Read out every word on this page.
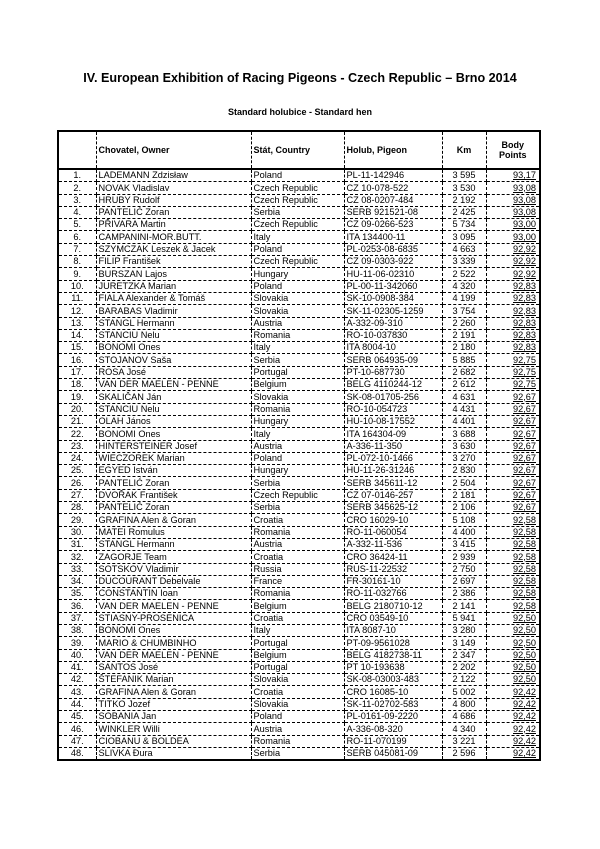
IV. European Exhibition of Racing Pigeons - Czech Republic – Brno 2014
Standard holubice - Standard hen
	Chovatel, Owner	Stát, Country	Holub, Pigeon	Km	Body
Points
1.	LADEMANN Zdzisław	Poland	PL-11-142946	3 595	93,17
2.	NOVAK Vladislav	Czech Republic	CZ 10-078-522	3 530	93,08
3.	HRUBY Rudolf	Czech Republic	CZ 08-0207-484	2 192	93,08
4.	PANTELIĆ Zoran	Serbia	SERB 921521-08	2 425	93,08
5.	PŘIVARA Martin	Czech Republic	CZ 09-0266-523	5 734	93,00
6.	CAMPANINI-MOR.BUTT.	Italy	ITA 134400-11	3 095	93,00
7.	SZYMCZAK Leszek & Jacek	Poland	PL-0253-08-6835	4 663	92,92
8.	FILIP František	Czech Republic	CZ 09-0303-922	3 339	92,92
9.	BURSZAN Lajos	Hungary	HU-11-06-02310	2 522	92,92
10.	JURETZKA Marian	Poland	PL-00-11-342060	4 320	92,83
11.	FIALA Alexander & Tomáš	Slovakia	SK-10-0908-384	4 199	92,83
12.	BARABAS Vladimir	Slovakia	SK-11-02305-1259	3 754	92,83
13.	STANGL Hermann	Austria	A-332-09-310	2 260	92,83
14.	STANCIU Nelu	Romania	RO-10-037830	2 191	92,83
15.	BONOMI Ones	Italy	ITA 8004-10	2 180	92,83
16.	STOJANOV Saša	Serbia	SERB 064935-09	5 885	92,75
17.	ROSA José	Portugal	PT-10-687730	2 682	92,75
18.	VAN DER MAELEN - PENNE	Belgium	BELG 4110244-12	2 612	92,75
19.	SKALIČAN Ján	Slovakia	SK-08-01705-256	4 631	92,67
20.	STANCIU Nelu	Romania	RO-10-054723	4 431	92,67
21.	OLAH János	Hungary	HU-10-08-17552	4 401	92,67
22.	BONOMI Ones	Italy	ITA 164304-09	3 688	92,67
23.	HINTERSTEINER Josef	Austria	A-336-11-350	3 630	92,67
24.	WIECZOREK Marian	Poland	PL-072-10-1466	3 270	92,67
25.	EGYED István	Hungary	HU-11-26-31246	2 830	92,67
26.	PANTELIĆ Zoran	Serbia	SERB 345611-12	2 504	92,67
27.	DVOŘAK František	Czech Republic	CZ 07-0146-257	2 181	92,67
28.	PANTELIĆ Zoran	Serbia	SERB 345625-12	2 106	92,67
29.	GRAFINA Alen & Goran	Croatia	CRO 16029-10	5 108	92,58
30.	MATEI Romulus	Romania	RO-11-060054	4 400	92,58
31.	STANGL Hermann	Austria	A-332-11-536	3 415	92,58
32.	ZAGORJE Team	Croatia	CRO 36424-11	2 939	92,58
33.	SOTSKOV Vladimir	Russia	RUS-11-22532	2 750	92,58
34.	DUCOURANT Debelvale	France	FR-30161-10	2 697	92,58
35.	CONSTANTIN Ioan	Romania	RO-11-032766	2 386	92,58
36.	VAN DER MAELEN - PENNE	Belgium	BELG 2180710-12	2 141	92,58
37.	STIASNY-PROSENICA	Croatia	CRO 03549-10	5 941	92,50
38.	BONOMI Ones	Italy	ITA 8087-10	3 280	92,50
39.	MARIO & CHUMBINHO	Portugal	PT-09-9561028	3 149	92,50
40.	VAN DER MAELEN - PENNE	Belgium	BELG 4182738-11	2 347	92,50
41.	SANTOS José	Portugal	PT 10-193638	2 202	92,50
42.	ŠTEFANIK Marian	Slovakia	SK-08-03003-483	2 122	92,50
43.	GRAFINA Alen & Goran	Croatia	CRO 16085-10	5 002	92,42
44.	TITKO Jozef	Slovakia	SK-11-02702-583	4 800	92,42
45.	SOBANIA Jan	Poland	PL-0161-09-2220	4 686	92,42
46.	WINKLER Willi	Austria	A-336-08-320	4 340	92,42
47.	CIOBANU & BOLDEA	Romania	RO-11-070199	3 221	92,42
48.	SLIVKA Đura	Serbia	SERB 045081-09	2 596	92,42
